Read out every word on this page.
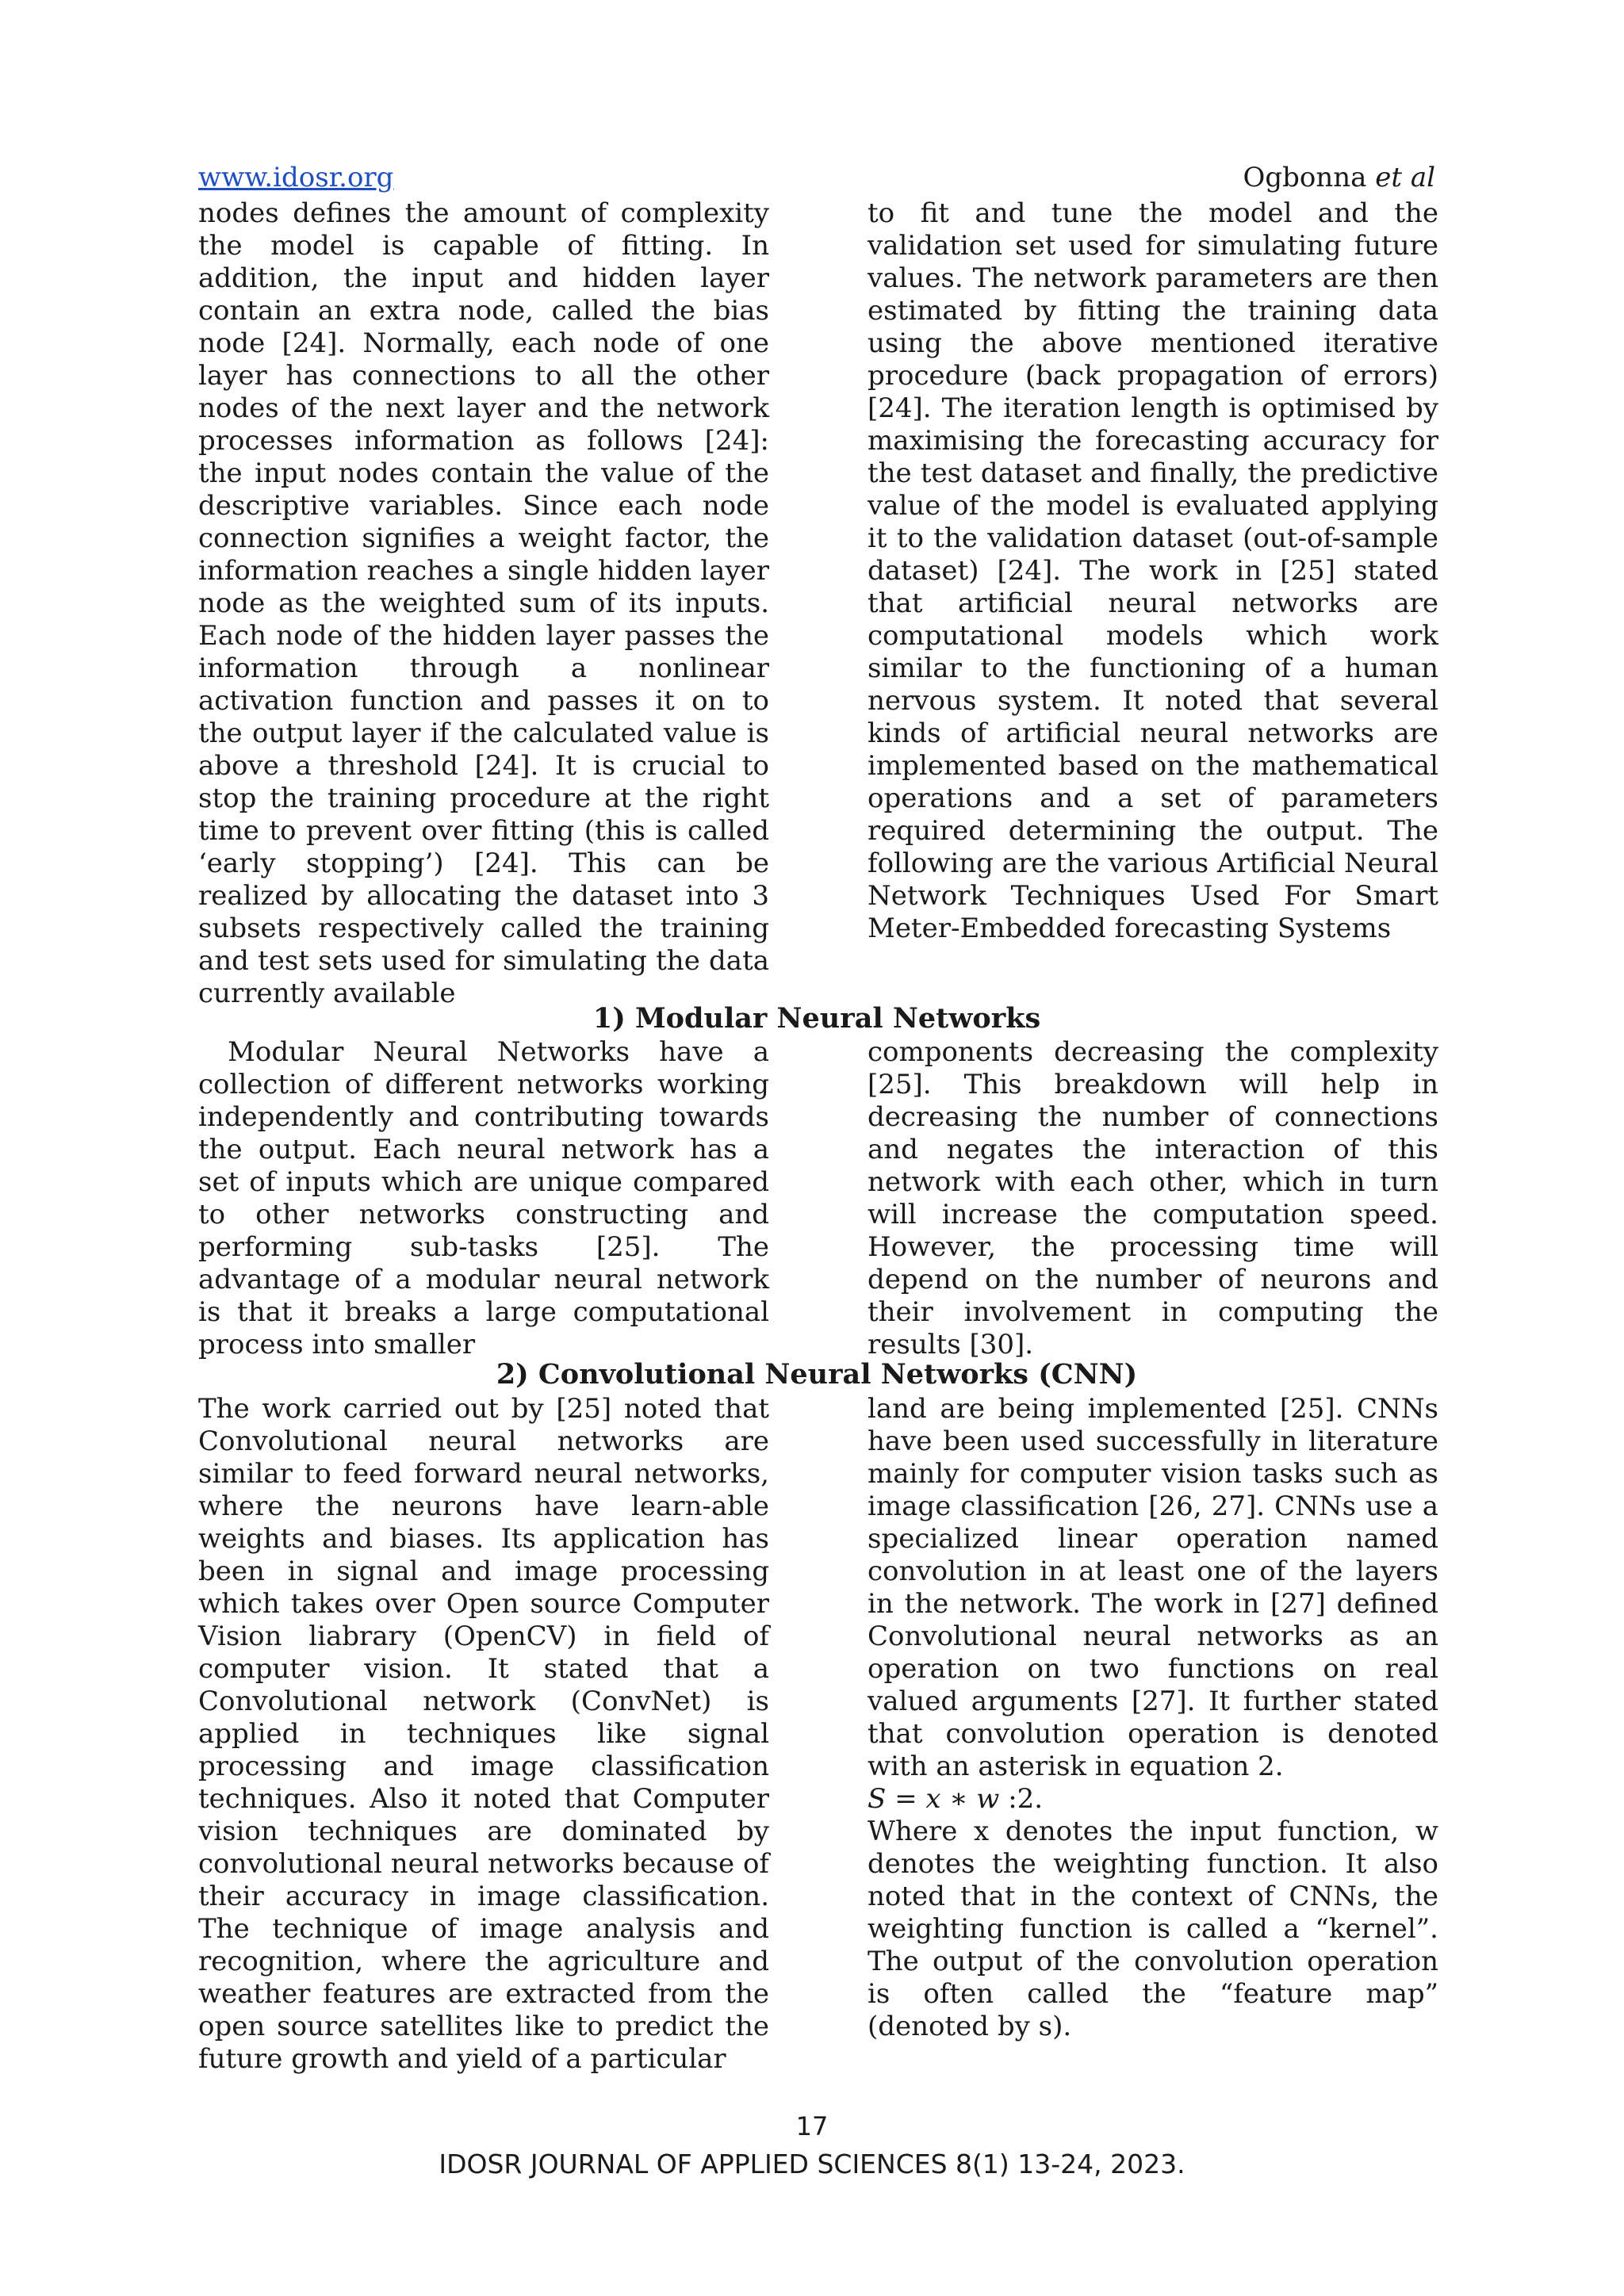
www.idosr.org	Ogbonna et al

nodes defines the amount of complexity the model is capable of fitting. In addition, the input and hidden layer contain an extra node, called the bias node [24]. Normally, each node of one layer has connections to all the other nodes of the next layer and the network processes information as follows [24]: the input nodes contain the value of the descriptive variables. Since each node connection signifies a weight factor, the information reaches a single hidden layer node as the weighted sum of its inputs. Each node of the hidden layer passes the information through a nonlinear activation function and passes it on to the output layer if the calculated value is above a threshold [24]. It is crucial to stop the training procedure at the right time to prevent over fitting (this is called ‘early stopping’) [24]. This can be realized by allocating the dataset into 3 subsets respectively called the training and test sets used for simulating the data currently available

to fit and tune the model and the validation set used for simulating future values. The network parameters are then estimated by fitting the training data using the above mentioned iterative procedure (back propagation of errors) [24]. The iteration length is optimised by maximising the forecasting accuracy for the test dataset and finally, the predictive value of the model is evaluated applying it to the validation dataset (out-of-sample dataset) [24]. The work in [25] stated that artificial neural networks are computational models which work similar to the functioning of a human nervous system. It noted that several kinds of artificial neural networks are implemented based on the mathematical operations and a set of parameters required determining the output. The following are the various Artificial Neural Network Techniques Used For Smart Meter-Embedded forecasting Systems

1) Modular Neural Networks

Modular Neural Networks have a collection of different networks working independently and contributing towards the output. Each neural network has a set of inputs which are unique compared to other networks constructing and performing sub-tasks [25]. The advantage of a modular neural network is that it breaks a large computational process into smaller

components decreasing the complexity [25]. This breakdown will help in decreasing the number of connections and negates the interaction of this network with each other, which in turn will increase the computation speed. However, the processing time will depend on the number of neurons and their involvement in computing the results [30].

2) Convolutional Neural Networks (CNN)

The work carried out by [25] noted that Convolutional neural networks are similar to feed forward neural networks, where the neurons have learn-able weights and biases. Its application has been in signal and image processing which takes over Open source Computer Vision liabrary (OpenCV) in field of computer vision. It stated that a Convolutional network (ConvNet) is applied in techniques like signal processing and image classification techniques. Also it noted that Computer vision techniques are dominated by convolutional neural networks because of their accuracy in image classification. The technique of image analysis and recognition, where the agriculture and weather features are extracted from the open source satellites like to predict the future growth and yield of a particular

land are being implemented [25]. CNNs have been used successfully in literature mainly for computer vision tasks such as image classification [26, 27]. CNNs use a specialized linear operation named convolution in at least one of the layers in the network. The work in [27] defined Convolutional neural networks as an operation on two functions on real valued arguments [27]. It further stated that convolution operation is denoted with an asterisk in equation 2.

S = x ∗ w :2.

Where x denotes the input function, w denotes the weighting function. It also noted that in the context of CNNs, the weighting function is called a “kernel”. The output of the convolution operation is often called the “feature map” (denoted by s).

17
IDOSR JOURNAL OF APPLIED SCIENCES 8(1) 13-24, 2023.
